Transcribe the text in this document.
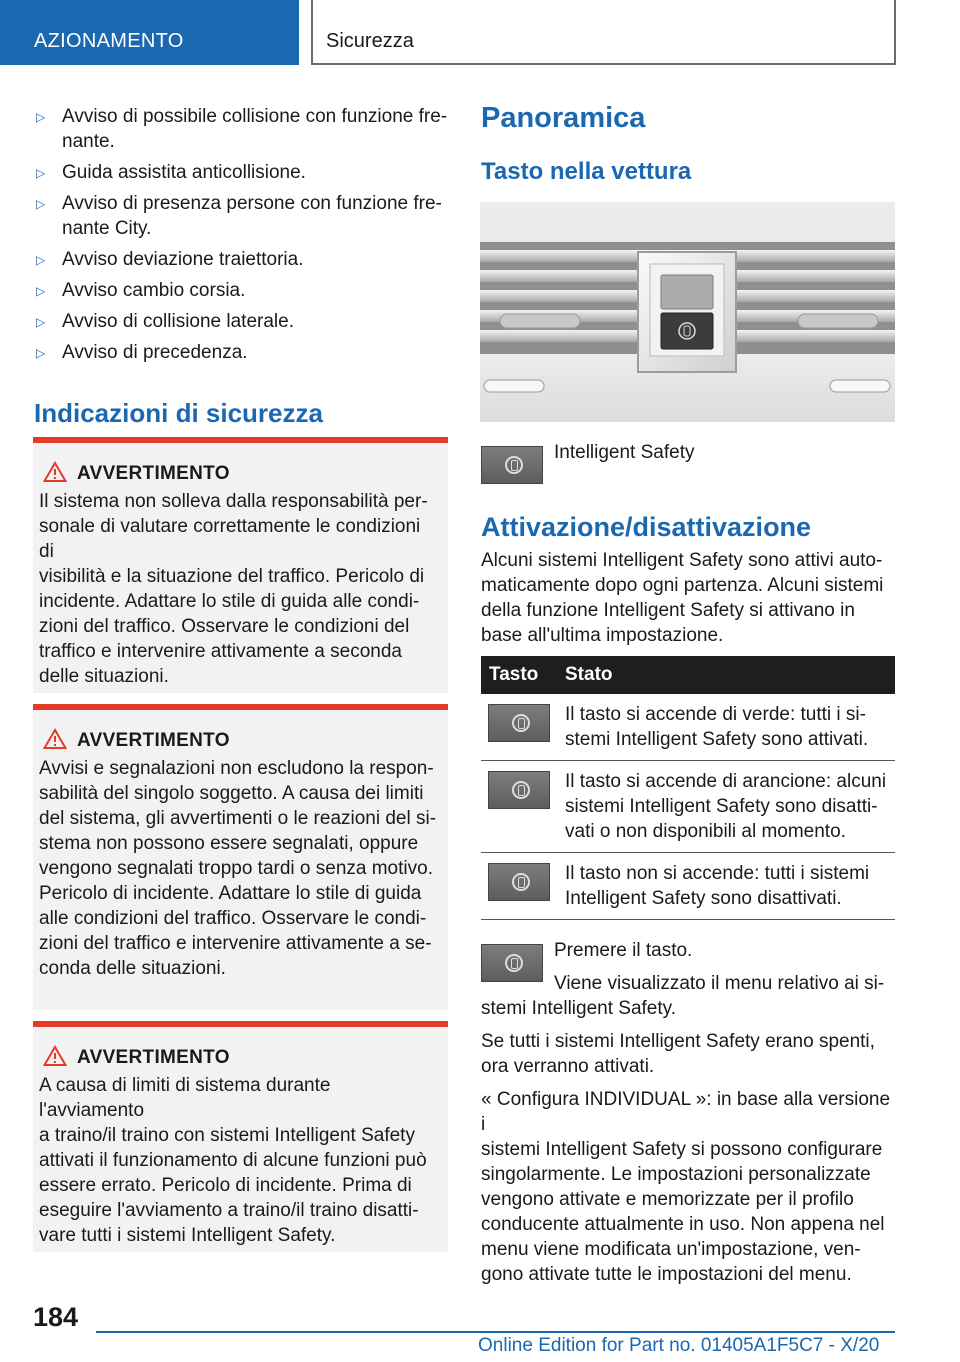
AZIONAMENTO	Sicurezza
▷ Avviso di possibile collisione con funzione fre-
nante.
▷ Guida assistita anticollisione.
▷ Avviso di presenza persone con funzione fre-
nante City.
▷ Avviso deviazione traiettoria.
▷ Avviso cambio corsia.
▷ Avviso di collisione laterale.
▷ Avviso di precedenza.
Indicazioni di sicurezza
AVVERTIMENTO

Il sistema non solleva dalla responsabilità per-
sonale di valutare correttamente le condizioni di
visibilità e la situazione del traffico. Pericolo di
incidente. Adattare lo stile di guida alle condi-
zioni del traffico. Osservare le condizioni del
traffico e intervenire attivamente a seconda
delle situazioni.

AVVERTIMENTO

Avvisi e segnalazioni non escludono la respon-
sabilità del singolo soggetto. A causa dei limiti
del sistema, gli avvertimenti o le reazioni del si-
stema non possono essere segnalati, oppure
vengono segnalati troppo tardi o senza motivo.
Pericolo di incidente. Adattare lo stile di guida
alle condizioni del traffico. Osservare le condi-
zioni del traffico e intervenire attivamente a se-
conda delle situazioni.

AVVERTIMENTO

A causa di limiti di sistema durante l'avviamento
a traino/il traino con sistemi Intelligent Safety
attivati il funzionamento di alcune funzioni può
essere errato. Pericolo di incidente. Prima di
eseguire l'avviamento a traino/il traino disatti-
vare tutti i sistemi Intelligent Safety.

Panoramica
Tasto nella vettura
Intelligent Safety
Attivazione/disattivazione

Alcuni sistemi Intelligent Safety sono attivi auto-
maticamente dopo ogni partenza. Alcuni sistemi
della funzione Intelligent Safety si attivano in
base all'ultima impostazione.

Tasto	Stato

	Il tasto si accende di verde: tutti i si-
stemi Intelligent Safety sono attivati.

	Il tasto si accende di arancione: alcuni
sistemi Intelligent Safety sono disatti-
vati o non disponibili al momento.

	Il tasto non si accende: tutti i sistemi
Intelligent Safety sono disattivati.
Premere il tasto.
Viene visualizzato il menu relativo ai si-
stemi Intelligent Safety.

Se tutti i sistemi Intelligent Safety erano spenti,
ora verranno attivati.

« Configura INDIVIDUAL »: in base alla versione i
sistemi Intelligent Safety si possono configurare
singolarmente. Le impostazioni personalizzate
vengono attivate e memorizzate per il profilo
conducente attualmente in uso. Non appena nel
menu viene modificata un'impostazione, ven-
gono attivate tutte le impostazioni del menu.

184
Online Edition for Part no. 01405A1F5C7 - X/20
